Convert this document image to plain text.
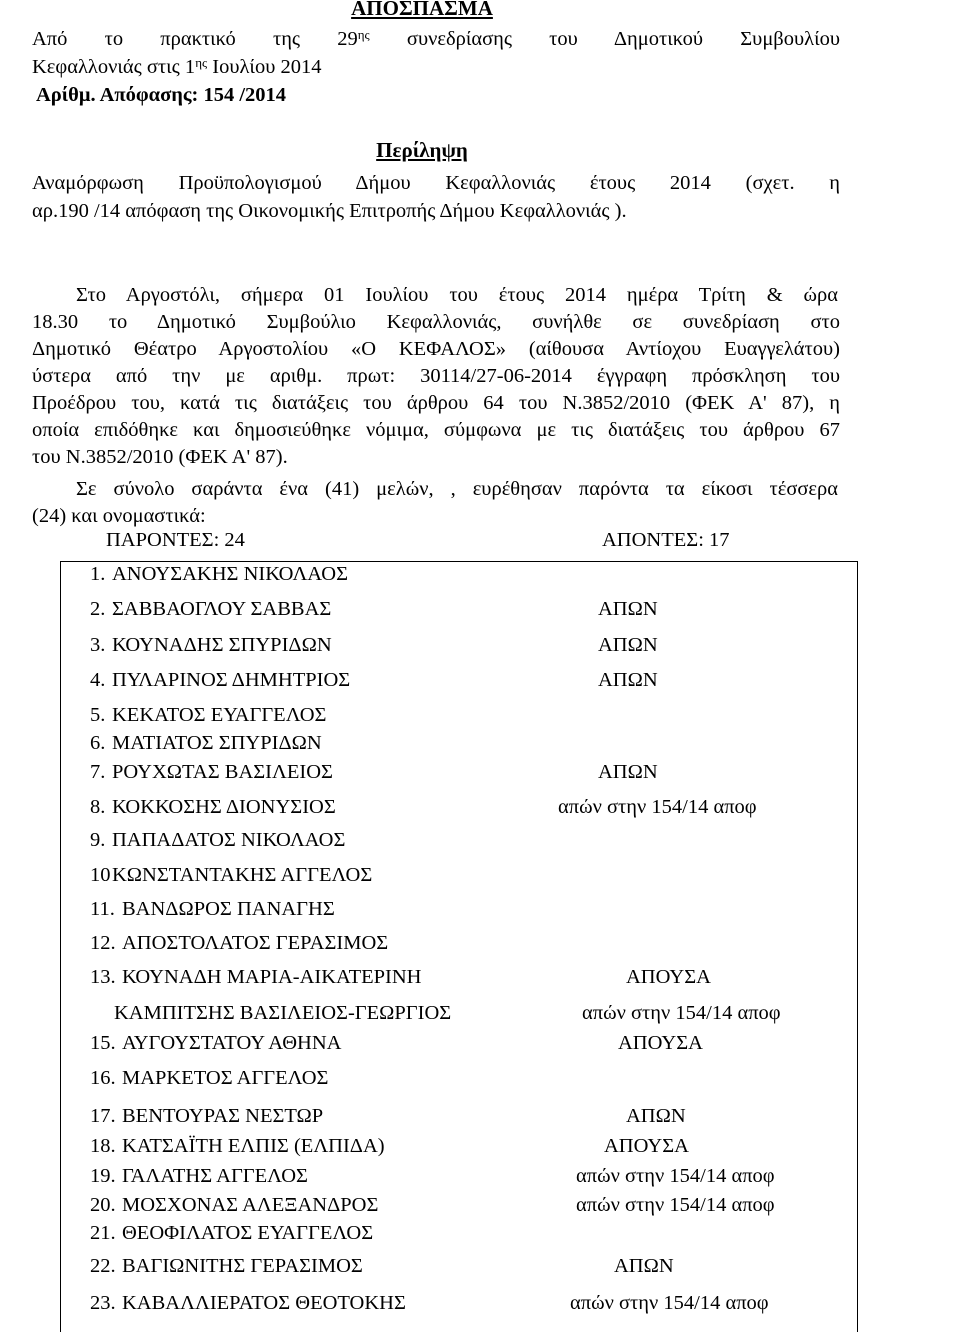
ΑΠΟΣΠΑΣΜΑ
Από το πρακτικό της $29^{\eta\varsigma}$ συνεδρίασης του Δημοτικού Συμβουλίου
Κεφαλλονιάς στις $1^{\eta\varsigma}$ Ιουλίου 2014
Αρίθμ. Απόφασης: 154 /2014
Περίληψη
Αναμόρφωση Προϋπολογισμού Δήμου Κεφαλλονιάς έτους 2014 (σχετ. η
αρ.190 /14 απόφαση της Οικονομικής Επιτροπής Δήμου Κεφαλλονιάς ).
Στο Αργοστόλι, σήμερα 01 Ιουλίου του έτους 2014 ημέρα Τρίτη & ώρα
18.30 το Δημοτικό Συμβούλιο Κεφαλλονιάς, συνήλθε σε συνεδρίαση στο
Δημοτικό Θέατρο Αργοστολίου «Ο ΚΕΦΑΛΟΣ» (αίθουσα Αντίοχου Ευαγγελάτου)
ύστερα από την με αριθμ. πρωτ: 30114/27-06-2014 έγγραφη πρόσκληση του
Προέδρου του, κατά τις διατάξεις του άρθρου 64 του Ν.3852/2010 (ΦΕΚ Α' 87), η
οποία επιδόθηκε και δημοσιεύθηκε νόμιμα, σύμφωνα με τις διατάξεις του άρθρου 67
του Ν.3852/2010 (ΦΕΚ Α' 87).
Σε σύνολο σαράντα ένα (41) μελών, , ευρέθησαν παρόντα τα είκοσι τέσσερα
(24) και ονομαστικά:
ΠΑΡΟΝΤΕΣ: 24	ΑΠΟΝΤΕΣ: 17
1. ΑΝΟΥΣΑΚΗΣ ΝΙΚΟΛΑΟΣ
2. ΣΑΒΒΑΟΓΛΟΥ ΣΑΒΒΑΣ	ΑΠΩΝ
3. ΚΟΥΝΑΔΗΣ ΣΠΥΡΙΔΩΝ	ΑΠΩΝ
4. ΠΥΛΑΡΙΝΟΣ ΔΗΜΗΤΡΙΟΣ	ΑΠΩΝ
5. ΚΕΚΑΤΟΣ ΕΥΑΓΓΕΛΟΣ
6. ΜΑΤΙΑΤΟΣ ΣΠΥΡΙΔΩΝ
7. ΡΟΥΧΩΤΑΣ ΒΑΣΙΛΕΙΟΣ	ΑΠΩΝ
8. ΚΟΚΚΟΣΗΣ ΔΙΟΝΥΣΙΟΣ	απών στην 154/14 αποφ
9. ΠΑΠΑΔΑΤΟΣ ΝΙΚΟΛΑΟΣ
10ΚΩΝΣΤΑΝΤΑΚΗΣ ΑΓΓΕΛΟΣ
11. ΒΑΝΔΩΡΟΣ ΠΑΝΑΓΗΣ
12. ΑΠΟΣΤΟΛΑΤΟΣ ΓΕΡΑΣΙΜΟΣ
13. ΚΟΥΝΑΔΗ ΜΑΡΙΑ-ΑΙΚΑΤΕΡΙΝΗ	ΑΠΟΥΣΑ
ΚΑΜΠΙΤΣΗΣ ΒΑΣΙΛΕΙΟΣ-ΓΕΩΡΓΙΟΣ	απών στην 154/14 αποφ
15. ΑΥΓΟΥΣΤΑΤΟΥ ΑΘΗΝΑ	ΑΠΟΥΣΑ
16. ΜΑΡΚΕΤΟΣ ΑΓΓΕΛΟΣ
17. ΒΕΝΤΟΥΡΑΣ ΝΕΣΤΩΡ	ΑΠΩΝ
18. ΚΑΤΣΑΪΤΗ ΕΛΠΙΣ (ΕΛΠΙΔΑ)	ΑΠΟΥΣΑ
19. ΓΑΛΑΤΗΣ ΑΓΓΕΛΟΣ	απών στην 154/14 αποφ
20. ΜΟΣΧΟΝΑΣ ΑΛΕΞΑΝΔΡΟΣ	απών στην 154/14 αποφ
21. ΘΕΟΦΙΛΑΤΟΣ ΕΥΑΓΓΕΛΟΣ
22. ΒΑΓΙΩΝΙΤΗΣ ΓΕΡΑΣΙΜΟΣ	ΑΠΩΝ
23. ΚΑΒΑΛΛΙΕΡΑΤΟΣ ΘΕΟΤΟΚΗΣ	απών στην 154/14 αποφ
